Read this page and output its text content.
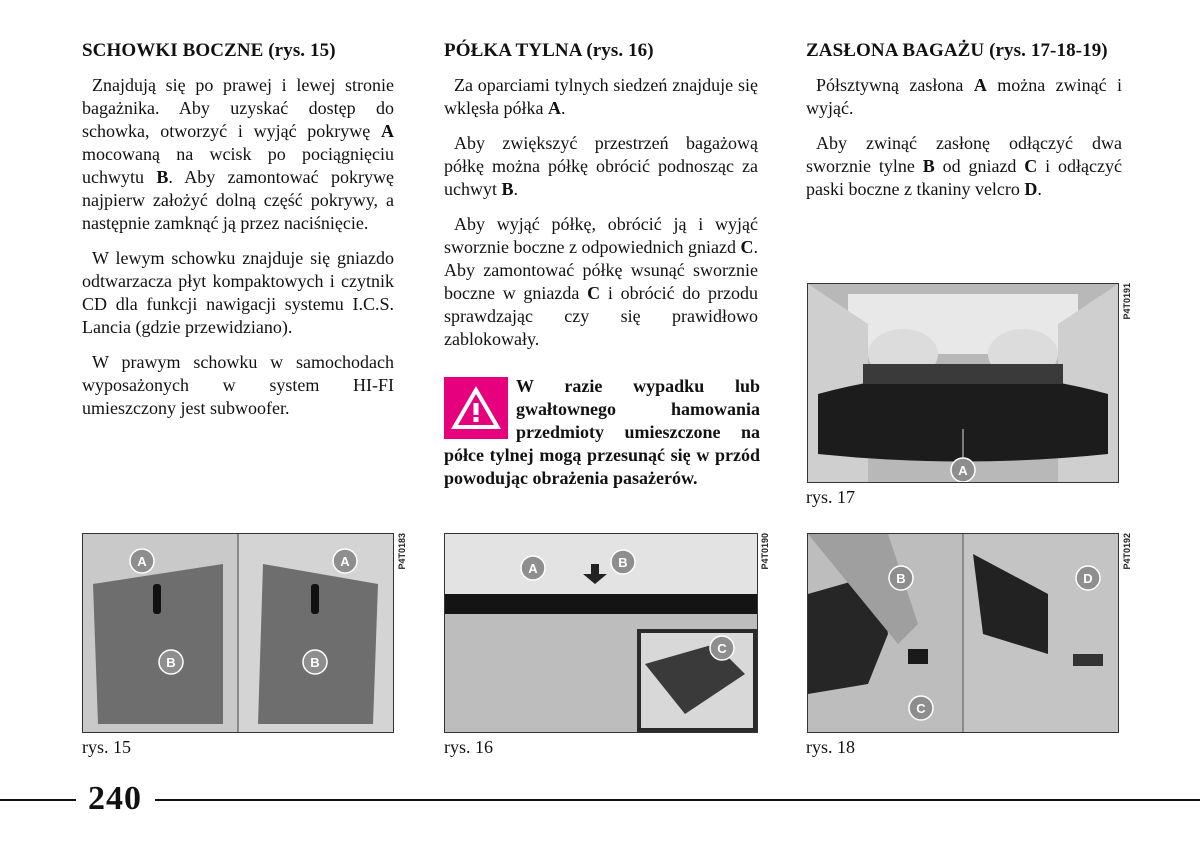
SCHOWKI BOCZNE (rys. 15)

Znajdują się po prawej i lewej stronie bagażnika. Aby uzyskać dostęp do schowka, otworzyć i wyjąć pokrywę A mocowaną na wcisk po pociągnięciu uchwytu B. Aby zamontować pokrywę najpierw założyć dolną część pokrywy, a następnie zamknąć ją przez naciśnięcie.

W lewym schowku znajduje się gniazdo odtwarzacza płyt kompaktowych i czytnik CD dla funkcji nawigacji systemu I.C.S. Lancia (gdzie przewidziano).

W prawym schowku w samochodach wyposażonych w system HI-FI umieszczony jest subwoofer.

PÓŁKA TYLNA (rys. 16)

Za oparciami tylnych siedzeń znajduje się wklęsła półka A.

Aby zwiększyć przestrzeń bagażową półkę można półkę obrócić podnosząc za uchwyt B.

Aby wyjąć półkę, obrócić ją i wyjąć sworznie boczne z odpowiednich gniazd C. Aby zamontować półkę wsunąć sworznie boczne w gniazda C i obrócić do przodu sprawdzając czy się prawidłowo zablokowały.

W razie wypadku lub gwałtownego hamowania przedmioty umieszczone na półce tylnej mogą przesunąć się w przód powodując obrażenia pasażerów.
ZASŁONA BAGAŻU (rys. 17-18-19)

Półsztywną zasłona A można zwinąć i wyjąć.

Aby zwinąć zasłonę odłączyć dwa sworznie tylne B od gniazd C i odłączyć paski boczne z tkaniny velcro D.

A
P4T0191
rys. 17
A	A
B	B
P4T0183
rys. 15
A	B
C
P4T0190
rys. 16
B
C
D
P4T0192
rys. 18
240
